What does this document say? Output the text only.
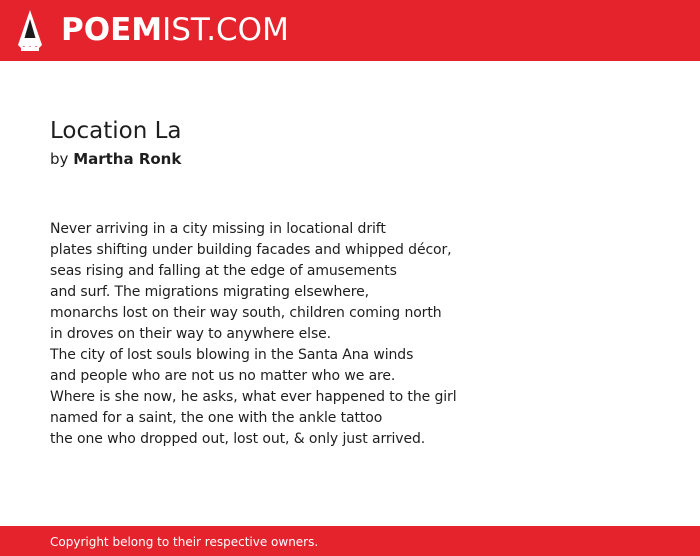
POEMIST.COM
Location La
by Martha Ronk
Never arriving in a city missing in locational drift
plates shifting under building facades and whipped décor,
seas rising and falling at the edge of amusements
and surf. The migrations migrating elsewhere,
monarchs lost on their way south, children coming north
in droves on their way to anywhere else.
The city of lost souls blowing in the Santa Ana winds
and people who are not us no matter who we are.
Where is she now, he asks, what ever happened to the girl
named for a saint, the one with the ankle tattoo
the one who dropped out, lost out, & only just arrived.
Copyright belong to their respective owners.
